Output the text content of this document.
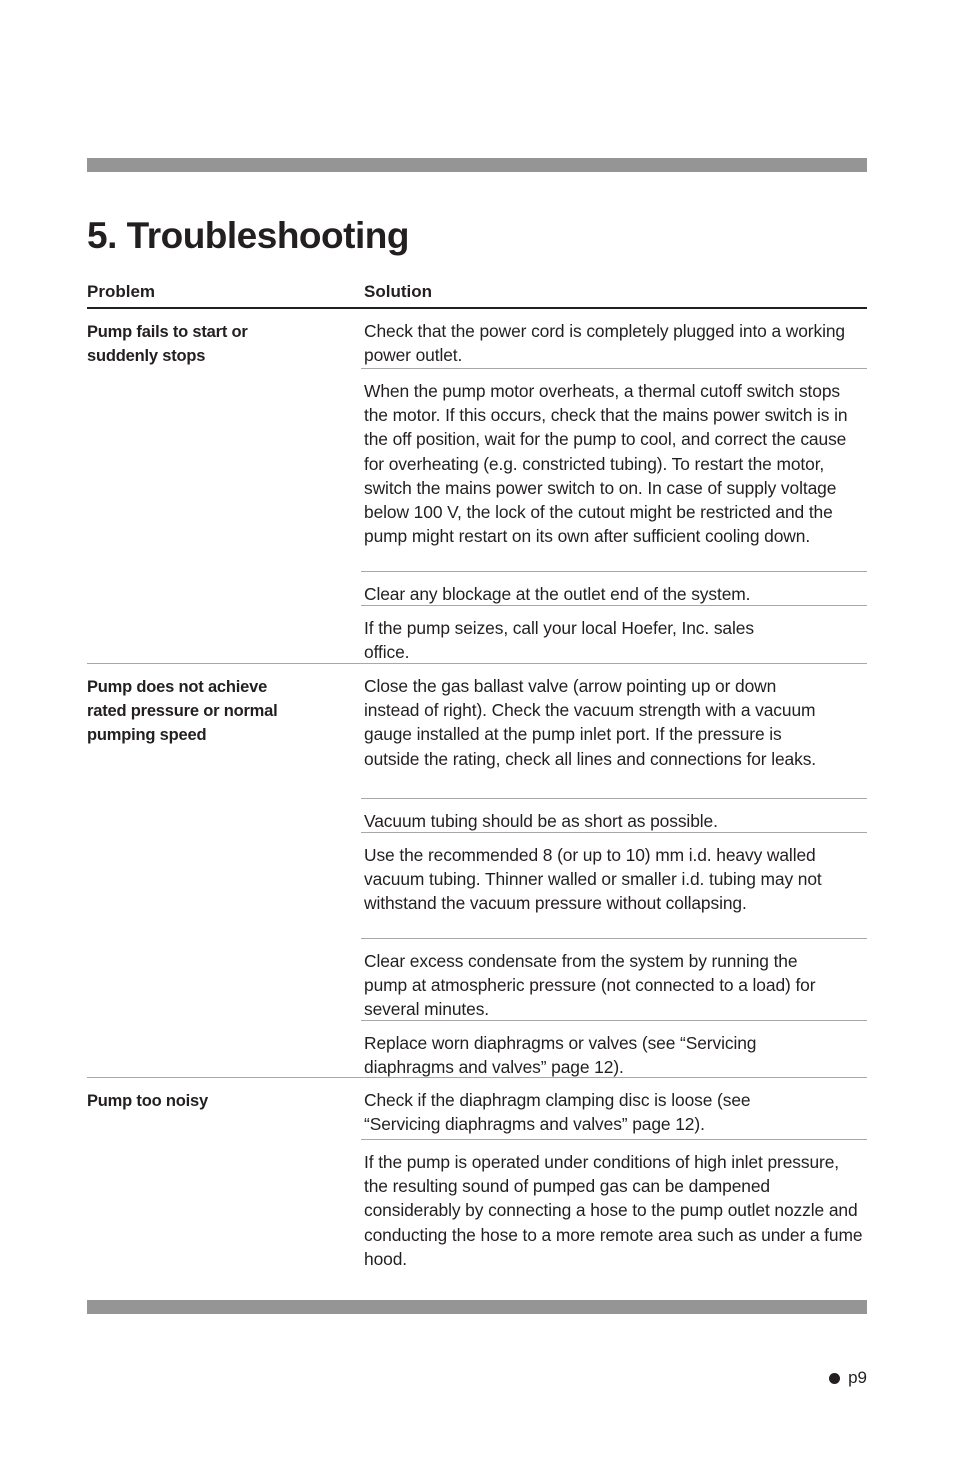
5. Troubleshooting
Problem	Solution
Pump fails to start or suddenly stops

Check that the power cord is completely plugged into a working power outlet.

When the pump motor overheats, a thermal cutoff switch stops the motor. If this occurs, check that the mains power switch is in the off position, wait for the pump to cool, and correct the cause for overheating (e.g. constricted tubing). To restart the motor, switch the mains power switch to on. In case of supply voltage below 100 V, the lock of the cutout might be restricted and the pump might restart on its own after sufficient cooling down.

Clear any blockage at the outlet end of the system.

If the pump seizes, call your local Hoefer, Inc. sales office.

Pump does not achieve rated pressure or normal pumping speed

Close the gas ballast valve (arrow pointing up or down instead of right). Check the vacuum strength with a vacuum gauge installed at the pump inlet port. If the pressure is outside the rating, check all lines and connections for leaks.

Vacuum tubing should be as short as possible.

Use the recommended 8 (or up to 10) mm i.d. heavy walled vacuum tubing. Thinner walled or smaller i.d. tubing may not withstand the vacuum pressure without collapsing.

Clear excess condensate from the system by running the pump at atmospheric pressure (not connected to a load) for several minutes.

Replace worn diaphragms or valves (see “Servicing diaphragms and valves” page 12).

Pump too noisy	Check if the diaphragm clamping disc is loose (see “Servicing diaphragms and valves” page 12).

If the pump is operated under conditions of high inlet pressure, the resulting sound of pumped gas can be dampened considerably by connecting a hose to the pump outlet nozzle and conducting the hose to a more remote area such as under a fume hood.

p9
